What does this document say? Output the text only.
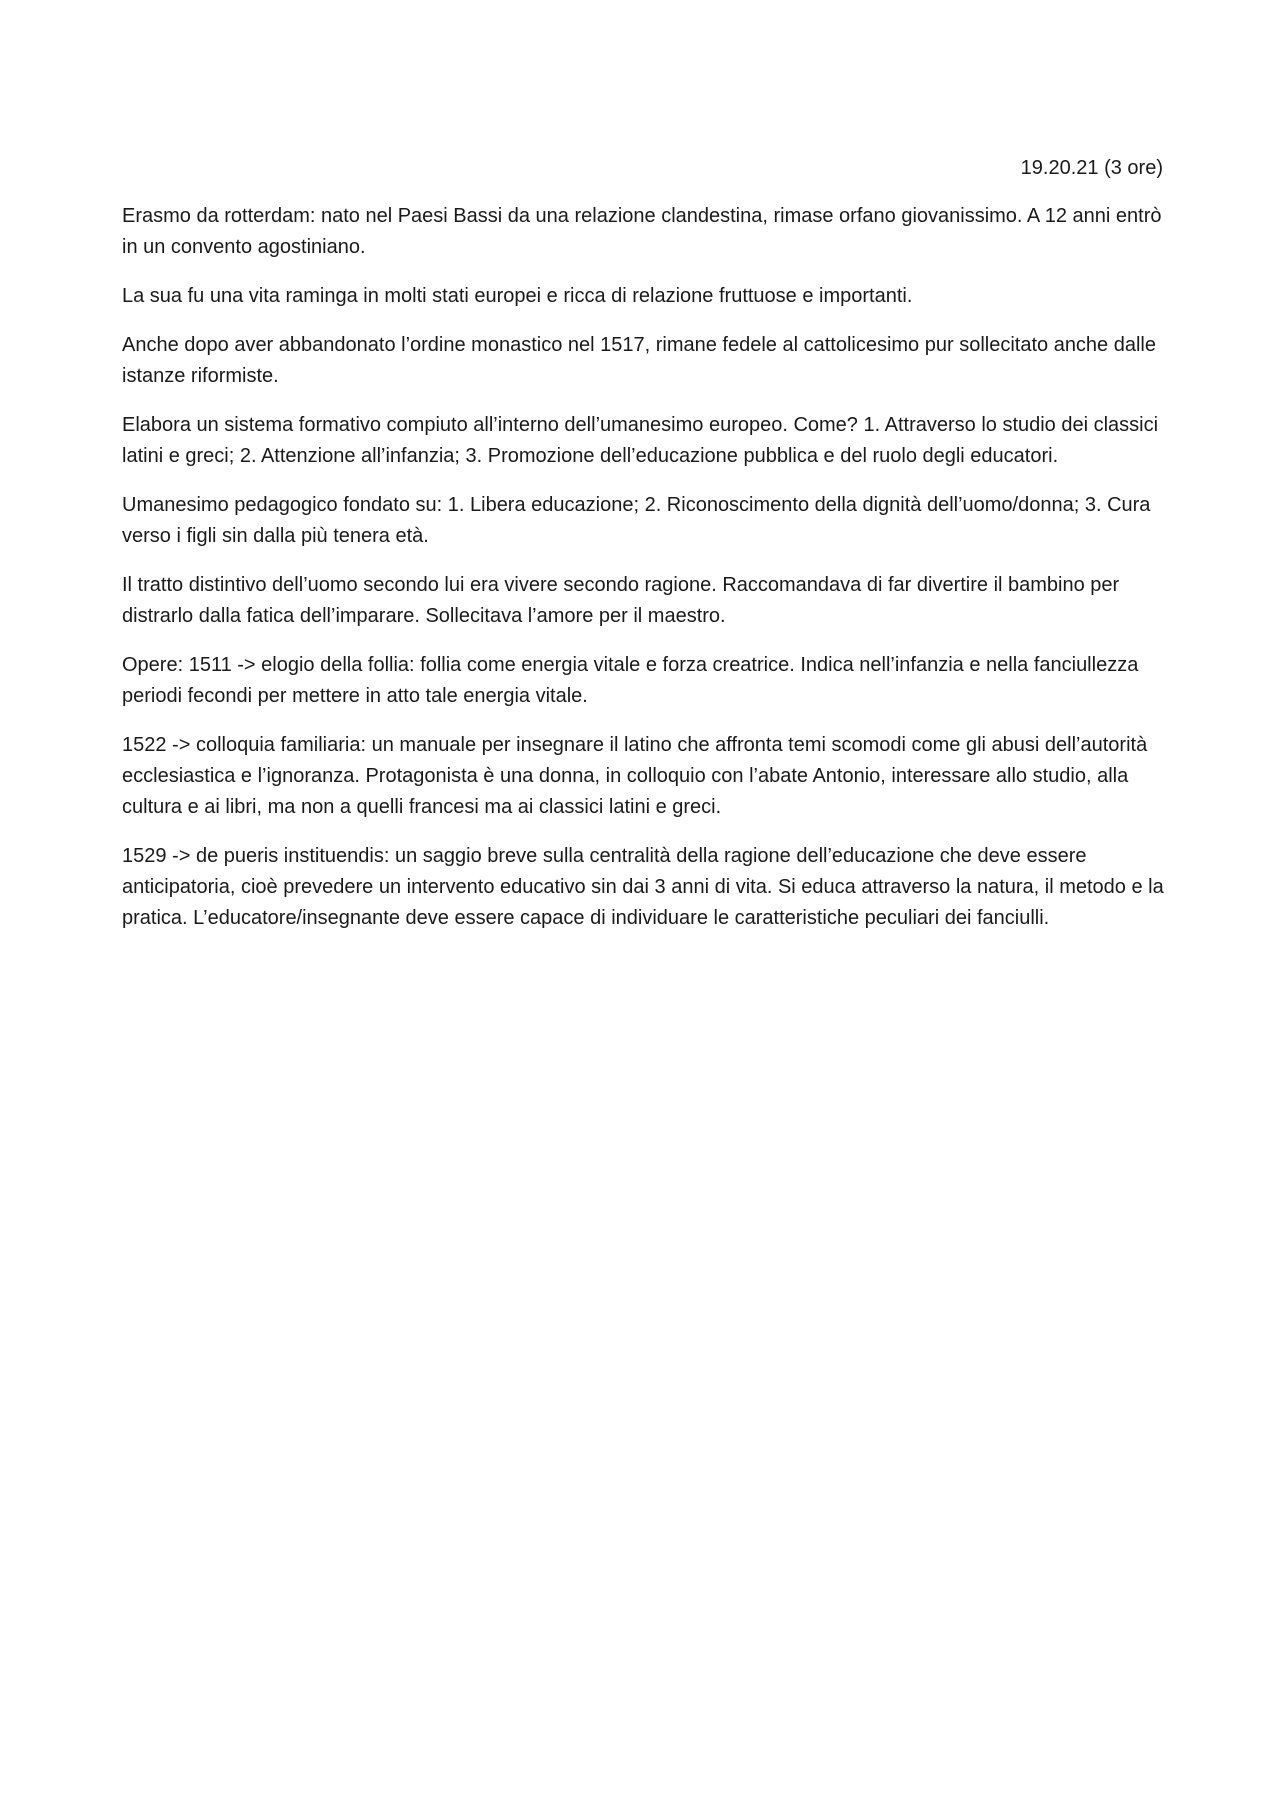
19.20.21 (3 ore)

Erasmo da rotterdam: nato nel Paesi Bassi da una relazione clandestina, rimase orfano giovanissimo. A 12 anni entrò in un convento agostiniano.

La sua fu una vita raminga in molti stati europei e ricca di relazione fruttuose e importanti.

Anche dopo aver abbandonato l’ordine monastico nel 1517, rimane fedele al cattolicesimo pur sollecitato anche dalle istanze riformiste.

Elabora un sistema formativo compiuto all’interno dell’umanesimo europeo. Come? 1. Attraverso lo studio dei classici latini e greci; 2. Attenzione all’infanzia; 3. Promozione dell’educazione pubblica e del ruolo degli educatori.

Umanesimo pedagogico fondato su: 1. Libera educazione; 2. Riconoscimento della dignità dell’uomo/donna; 3. Cura verso i figli sin dalla più tenera età.

Il tratto distintivo dell’uomo secondo lui era vivere secondo ragione. Raccomandava di far divertire il bambino per distrarlo dalla fatica dell’imparare. Sollecitava l’amore per il maestro.

Opere: 1511 -> elogio della follia: follia come energia vitale e forza creatrice. Indica nell’infanzia e nella fanciullezza periodi fecondi per mettere in atto tale energia vitale.

1522 -> colloquia familiaria: un manuale per insegnare il latino che affronta temi scomodi come gli abusi dell’autorità ecclesiastica e l’ignoranza. Protagonista è una donna, in colloquio con l’abate Antonio, interessare allo studio, alla cultura e ai libri, ma non a quelli francesi ma ai classici latini e greci.

1529 -> de pueris instituendis: un saggio breve sulla centralità della ragione dell’educazione che deve essere anticipatoria, cioè prevedere un intervento educativo sin dai 3 anni di vita. Si educa attraverso la natura, il metodo e la pratica. L’educatore/insegnante deve essere capace di individuare le caratteristiche peculiari dei fanciulli.
